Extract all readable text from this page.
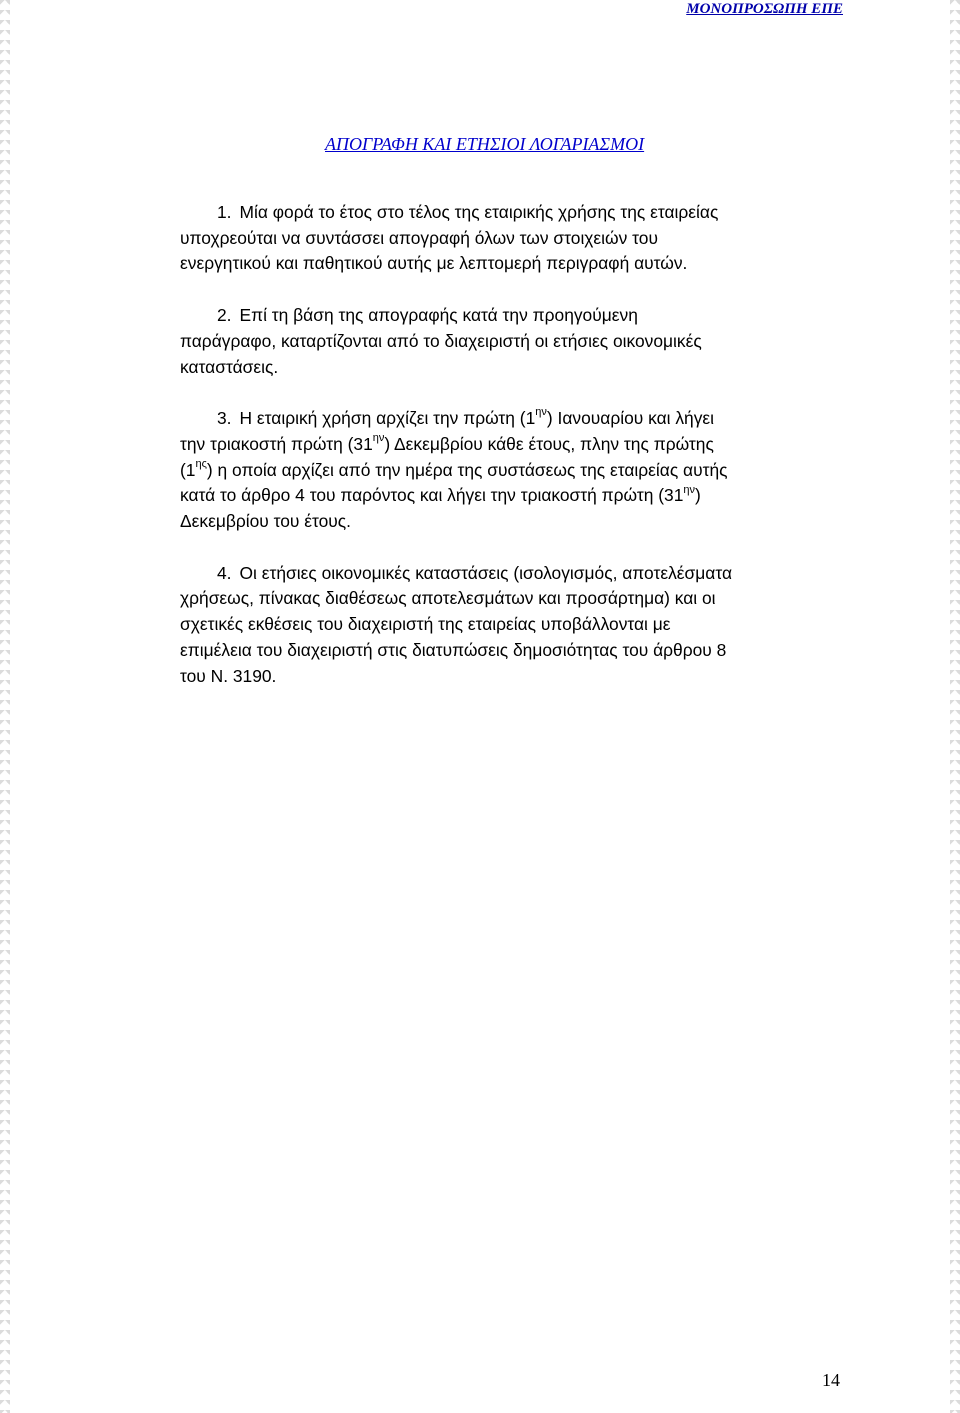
ΜΟΝΟΠΡΟΣΩΠΗ ΕΠΕ
ΑΠΟΓΡΑΦΗ ΚΑΙ ΕΤΗΣΙΟΙ ΛΟΓΑΡΙΑΣΜΟΙ

1. Μία φορά το έτος στο τέλος της εταιρικής χρήσης της εταιρείας
υποχρεούται να συντάσσει απογραφή όλων των στοιχειών του
ενεργητικού και παθητικού αυτής με λεπτομερή περιγραφή αυτών.

2. Επί τη βάση της απογραφής κατά την προηγούμενη
παράγραφο, καταρτίζονται από το διαχειριστή οι ετήσιες οικονομικές
καταστάσεις.

3. Η εταιρική χρήση αρχίζει την πρώτη $(1^{\eta\nu})$ Ιανουαρίου και λήγει
την τριακοστή πρώτη $(31^{\eta\nu})$ Δεκεμβρίου κάθε έτους, πλην της πρώτης
$(1^{\eta\varsigma})$ η οποία αρχίζει από την ημέρα της συστάσεως της εταιρείας αυτής
κατά το άρθρο 4 του παρόντος και λήγει την τριακοστή πρώτη $(31^{\eta\nu})$
Δεκεμβρίου του έτους.

4. Οι ετήσιες οικονομικές καταστάσεις (ισολογισμός, αποτελέσματα
χρήσεως, πίνακας διαθέσεως αποτελεσμάτων και προσάρτημα) και οι
σχετικές εκθέσεις του διαχειριστή της εταιρείας υποβάλλονται με
επιμέλεια του διαχειριστή στις διατυπώσεις δημοσιότητας του άρθρου 8
του Ν. 3190.

14
